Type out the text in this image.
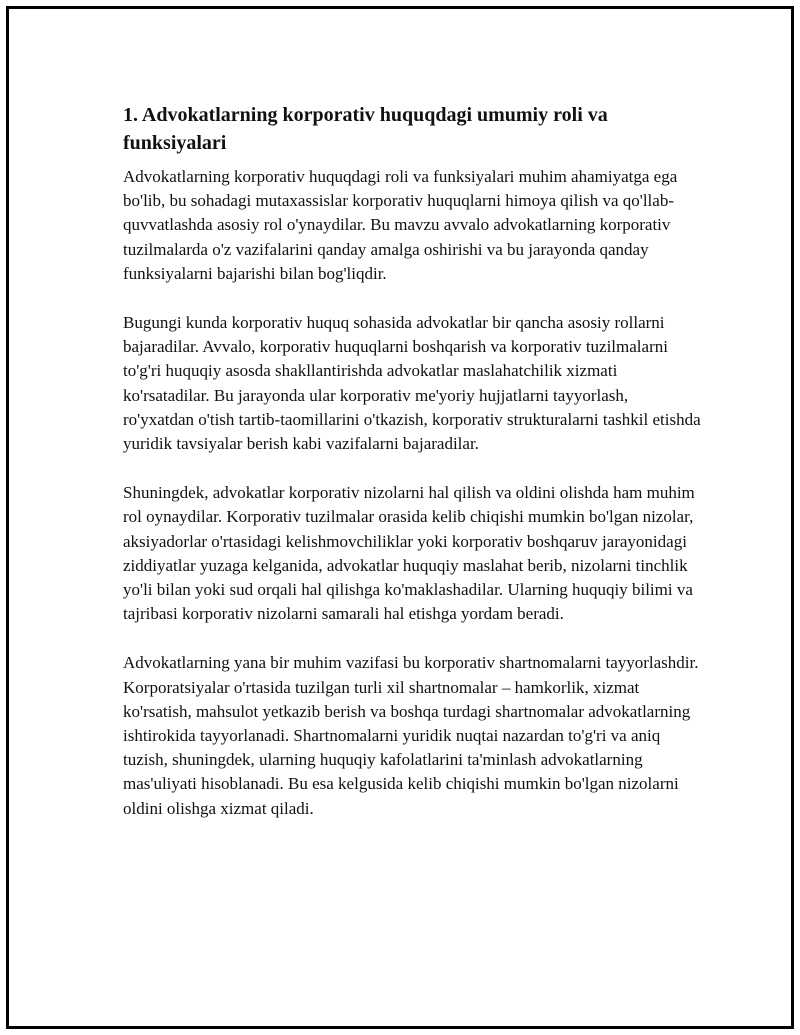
1. Advokatlarning korporativ huquqdagi umumiy roli va funksiyalari

Advokatlarning korporativ huquqdagi roli va funksiyalari muhim ahamiyatga ega bo'lib, bu sohadagi mutaxassislar korporativ huquqlarni himoya qilish va qo'llab-quvvatlashda asosiy rol o'ynaydilar. Bu mavzu avvalo advokatlarning korporativ tuzilmalarda o'z vazifalarini qanday amalga oshirishi va bu jarayonda qanday funksiyalarni bajarishi bilan bog'liqdir.

Bugungi kunda korporativ huquq sohasida advokatlar bir qancha asosiy rollarni bajaradilar. Avvalo, korporativ huquqlarni boshqarish va korporativ tuzilmalarni to'g'ri huquqiy asosda shakllantirishda advokatlar maslahatchilik xizmati ko'rsatadilar. Bu jarayonda ular korporativ me'yoriy hujjatlarni tayyorlash, ro'yxatdan o'tish tartib-taomillarini o'tkazish, korporativ strukturalarni tashkil etishda yuridik tavsiyalar berish kabi vazifalarni bajaradilar.

Shuningdek, advokatlar korporativ nizolarni hal qilish va oldini olishda ham muhim rol oynaydilar. Korporativ tuzilmalar orasida kelib chiqishi mumkin bo'lgan nizolar, aksiyadorlar o'rtasidagi kelishmovchiliklar yoki korporativ boshqaruv jarayonidagi ziddiyatlar yuzaga kelganida, advokatlar huquqiy maslahat berib, nizolarni tinchlik yo'li bilan yoki sud orqali hal qilishga ko'maklashadilar. Ularning huquqiy bilimi va tajribasi korporativ nizolarni samarali hal etishga yordam beradi.

Advokatlarning yana bir muhim vazifasi bu korporativ shartnomalarni tayyorlashdir. Korporatsiyalar o'rtasida tuzilgan turli xil shartnomalar – hamkorlik, xizmat ko'rsatish, mahsulot yetkazib berish va boshqa turdagi shartnomalar advokatlarning ishtirokida tayyorlanadi. Shartnomalarni yuridik nuqtai nazardan to'g'ri va aniq tuzish, shuningdek, ularning huquqiy kafolatlarini ta'minlash advokatlarning mas'uliyati hisoblanadi. Bu esa kelgusida kelib chiqishi mumkin bo'lgan nizolarni oldini olishga xizmat qiladi.
